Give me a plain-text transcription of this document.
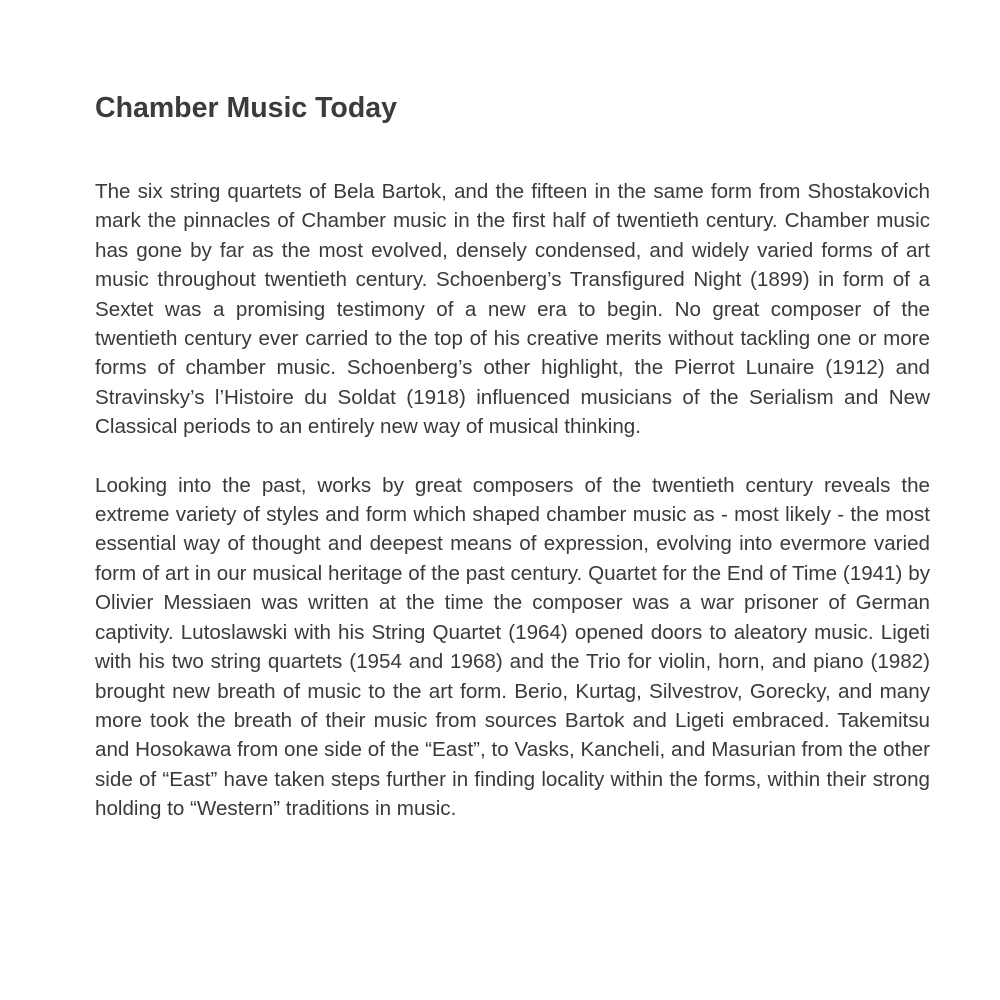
Chamber Music Today

The six string quartets of Bela Bartok, and the fifteen in the same form from Shostakovich mark the pinnacles of Chamber music in the first half of twentieth century. Chamber music has gone by far as the most evolved, densely condensed, and widely varied forms of art music throughout twentieth century. Schoenberg’s Transfigured Night (1899) in form of a Sextet was a promising testimony of a new era to begin. No great composer of the twentieth century ever carried to the top of his creative merits without tackling one or more forms of chamber music. Schoenberg’s other highlight, the Pierrot Lunaire (1912) and Stravinsky’s l’Histoire du Soldat (1918) influenced musicians of the Serialism and New Classical periods to an entirely new way of musical thinking.

Looking into the past, works by great composers of the twentieth century reveals the extreme variety of styles and form which shaped chamber music as - most likely - the most essential way of thought and deepest means of expression, evolving into evermore varied form of art in our musical heritage of the past century. Quartet for the End of Time (1941) by Olivier Messiaen was written at the time the composer was a war prisoner of German captivity. Lutoslawski with his String Quartet (1964) opened doors to aleatory music. Ligeti with his two string quartets (1954 and 1968) and the Trio for violin, horn, and piano (1982) brought new breath of music to the art form. Berio, Kurtag, Silvestrov, Gorecky, and many more took the breath of their music from sources Bartok and Ligeti embraced. Takemitsu and Hosokawa from one side of the “East”, to Vasks, Kancheli, and Masurian from the other side of “East” have taken steps further in finding locality within the forms, within their strong holding to “Western” traditions in music.
